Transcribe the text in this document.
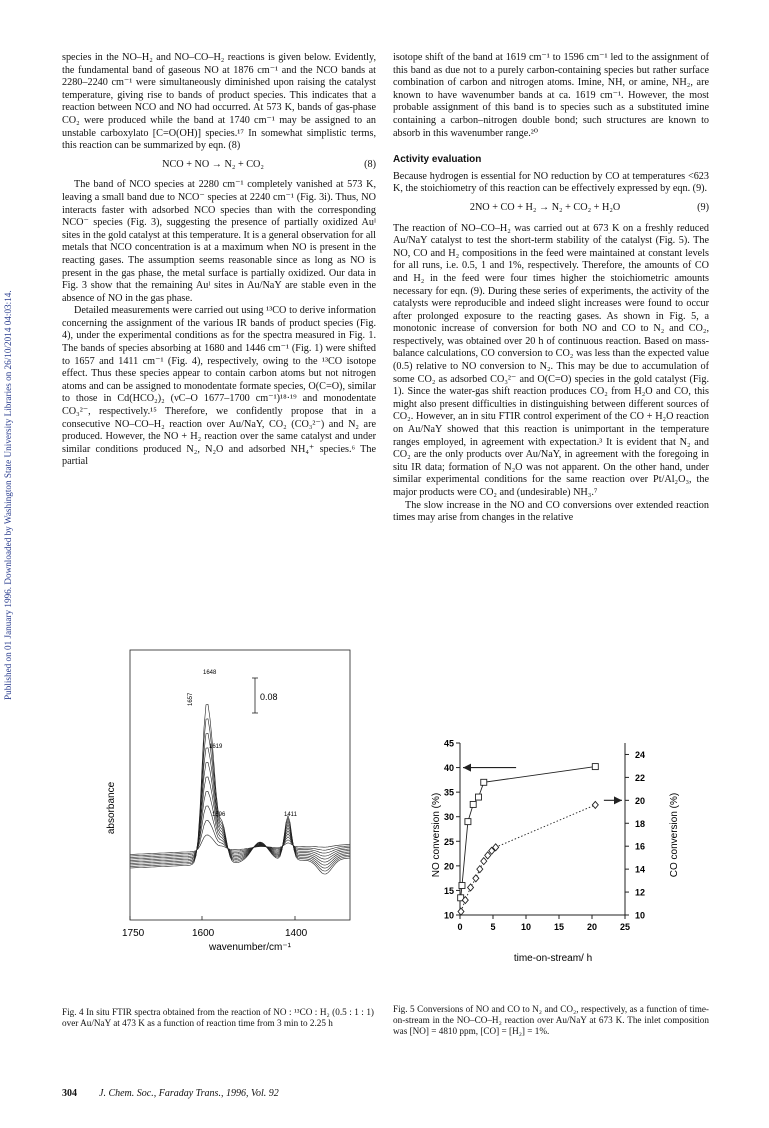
Published on 01 January 1996. Downloaded by Washington State University Libraries on 26/10/2014 04:03:14.

species in the NO–H₂ and NO–CO–H₂ reactions is given below. Evidently, the fundamental band of gaseous NO at 1876 cm⁻¹ and the NCO bands at 2280–2240 cm⁻¹ were simultaneously diminished upon raising the catalyst temperature, giving rise to bands of product species. This indicates that a reaction between NCO and NO had occurred. At 573 K, bands of gas-phase CO₂ were produced while the band at 1740 cm⁻¹ may be assigned to an unstable carboxylato [C=O(OH)] species.¹⁷ In somewhat simplistic terms, this reaction can be summarized by eqn. (8)

NCO + NO → N₂ + CO₂	(8)

The band of NCO species at 2280 cm⁻¹ completely vanished at 573 K, leaving a small band due to NCO⁻ species at 2240 cm⁻¹ (Fig. 3i). Thus, NO interacts faster with adsorbed NCO species than with the corresponding NCO⁻ species (Fig. 3), suggesting the presence of partially oxidized Auᴵ sites in the gold catalyst at this temperature. It is a general observation for all metals that NCO concentration is at a maximum when NO is present in the reacting gases. The assumption seems reasonable since as long as NO is present in the gas phase, the metal surface is partially oxidized. Our data in Fig. 3 show that the remaining Auᴵ sites in Au/NaY are stable even in the absence of NO in the gas phase.

Detailed measurements were carried out using ¹³CO to derive information concerning the assignment of the various IR bands of product species (Fig. 4), under the experimental conditions as for the spectra measured in Fig. 1. The bands of species absorbing at 1680 and 1446 cm⁻¹ (Fig. 1) were shifted to 1657 and 1411 cm⁻¹ (Fig. 4), respectively, owing to the ¹³CO isotope effect. Thus these species appear to contain carbon atoms but not nitrogen atoms and can be assigned to monodentate formate species, O(C=O), similar to those in Cd(HCO₂)₂ (νC–O 1677–1700 cm⁻¹)¹⁸·¹⁹ and monodentate CO₃²⁻, respectively.¹⁵ Therefore, we confidently propose that in a consecutive NO–CO–H₂ reaction over Au/NaY, CO₂ (CO₃²⁻) and N₂ are produced. However, the NO + H₂ reaction over the same catalyst and under similar conditions produced N₂, N₂O and adsorbed NH₄⁺ species.⁶ The partial

isotope shift of the band at 1619 cm⁻¹ to 1596 cm⁻¹ led to the assignment of this band as due not to a purely carbon-containing species but rather surface combination of carbon and nitrogen atoms. Imine, NH, or amine, NH₂, are known to have wavenumber bands at ca. 1619 cm⁻¹. However, the most probable assignment of this band is to species such as a substituted imine containing a carbon–nitrogen double bond; such structures are known to absorb in this wavenumber range.²⁰

Activity evaluation

Because hydrogen is essential for NO reduction by CO at temperatures <623 K, the stoichiometry of this reaction can be effectively expressed by eqn. (9).

2NO + CO + H₂ → N₂ + CO₂ + H₂O	(9)

The reaction of NO–CO–H₂ was carried out at 673 K on a freshly reduced Au/NaY catalyst to test the short-term stability of the catalyst (Fig. 5). The NO, CO and H₂ compositions in the feed were maintained at constant levels for all runs, i.e. 0.5, 1 and 1%, respectively. Therefore, the amounts of CO and H₂ in the feed were four times higher the stoichiometric amounts necessary for eqn. (9). During these series of experiments, the activity of the catalysts were reproducible and indeed slight increases were found to occur after prolonged exposure to the reacting gases. As shown in Fig. 5, a monotonic increase of conversion for both NO and CO to N₂ and CO₂, respectively, was obtained over 20 h of continuous reaction. Based on mass-balance calculations, CO conversion to CO₂ was less than the expected value (0.5) relative to NO conversion to N₂. This may be due to accumulation of some CO₂ as adsorbed CO₃²⁻ and O(C=O) species in the gold catalyst (Fig. 1). Since the water-gas shift reaction produces CO₂ from H₂O and CO, this might also present difficulties in distinguishing between different sources of CO₂. However, an in situ FTIR control experiment of the CO + H₂O reaction on Au/NaY showed that this reaction is unimportant in the temperature ranges employed, in agreement with expectation.³ It is evident that N₂ and CO₂ are the only products over Au/NaY, in agreement with the foregoing in situ IR data; formation of N₂O was not apparent. On the other hand, under similar experimental conditions for the same reaction over Pt/Al₂O₃, the major products were CO₂ and (undesirable) NH₃.⁷

The slow increase in the NO and CO conversions over extended reaction times may arise from changes in the relative

absorbance
0.08
1648
1657
1619
1596	1411
1750	1600	1400
wavenumber/cm⁻¹
Fig. 4 In situ FTIR spectra obtained from the reaction of NO : ¹³CO : H₂ (0.5 : 1 : 1) over Au/NaY at 473 K as a function of reaction time from 3 min to 2.25 h
0	5	10	15	20	25
10
15
20
25
30
35
40
45
10
12
14
16
18
20
22
24
NO conversion (%)	CO conversion (%)
time-on-stream/ h
Fig. 5 Conversions of NO and CO to N₂ and CO₂, respectively, as a function of time-on-stream in the NO–CO–H₂ reaction over Au/NaY at 673 K. The inlet composition was [NO] = 4810 ppm, [CO] = [H₂] = 1%.
304 J. Chem. Soc., Faraday Trans., 1996, Vol. 92
